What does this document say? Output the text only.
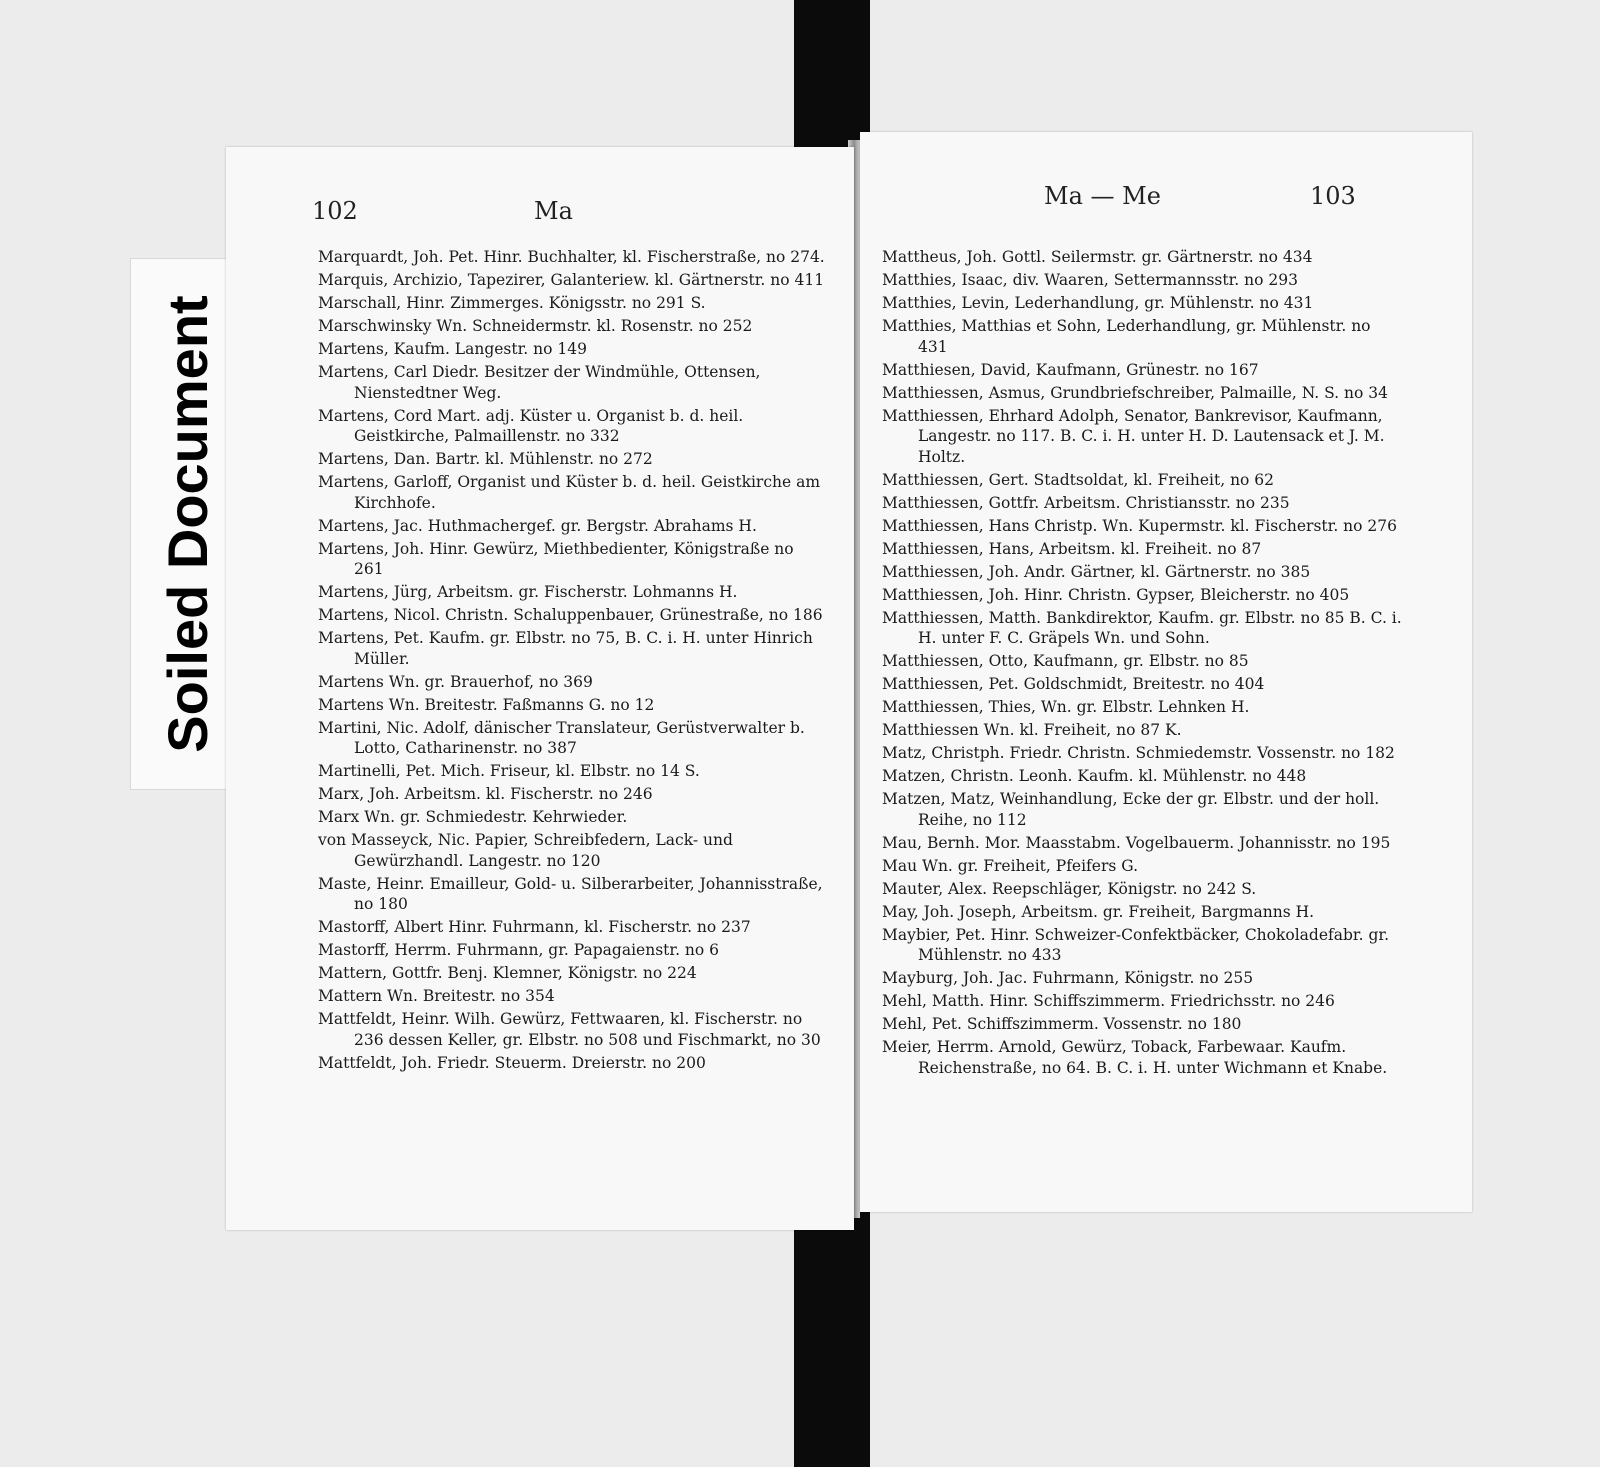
Soiled Document
102	Ma
Marquardt, Joh. Pet. Hinr. Buchhalter, kl. Fischerstraße, no 274.
Marquis, Archizio, Tapezirer, Galanteriew. kl. Gärtnerstr. no 411
Marschall, Hinr. Zimmerges. Königsstr. no 291 S.
Marschwinsky Wn. Schneidermstr. kl. Rosenstr. no 252
Martens, Kaufm. Langestr. no 149
Martens, Carl Diedr. Besitzer der Windmühle, Ottensen, Nienstedtner Weg.
Martens, Cord Mart. adj. Küster u. Organist b. d. heil. Geistkirche, Palmaillenstr. no 332
Martens, Dan. Bartr. kl. Mühlenstr. no 272
Martens, Garloff, Organist und Küster b. d. heil. Geistkirche am Kirchhofe.
Martens, Jac. Huthmachergef. gr. Bergstr. Abrahams H.
Martens, Joh. Hinr. Gewürz, Miethbedienter, Königstraße no 261
Martens, Jürg, Arbeitsm. gr. Fischerstr. Lohmanns H.
Martens, Nicol. Christn. Schaluppenbauer, Grünestraße, no 186
Martens, Pet. Kaufm. gr. Elbstr. no 75, B. C. i. H. unter Hinrich Müller.
Martens Wn. gr. Brauerhof, no 369
Martens Wn. Breitestr. Faßmanns G. no 12
Martini, Nic. Adolf, dänischer Translateur, Gerüstverwalter b. Lotto, Catharinenstr. no 387
Martinelli, Pet. Mich. Friseur, kl. Elbstr. no 14 S.
Marx, Joh. Arbeitsm. kl. Fischerstr. no 246
Marx Wn. gr. Schmiedestr. Kehrwieder.
von Masseyck, Nic. Papier, Schreibfedern, Lack- und Gewürzhandl. Langestr. no 120
Maste, Heinr. Emailleur, Gold- u. Silberarbeiter, Johannisstraße, no 180
Mastorff, Albert Hinr. Fuhrmann, kl. Fischerstr. no 237
Mastorff, Herrm. Fuhrmann, gr. Papagaienstr. no 6
Mattern, Gottfr. Benj. Klemner, Königstr. no 224
Mattern Wn. Breitestr. no 354
Mattfeldt, Heinr. Wilh. Gewürz, Fettwaaren, kl. Fischerstr. no 236 dessen Keller, gr. Elbstr. no 508 und Fischmarkt, no 30
Mattfeldt, Joh. Friedr. Steuerm. Dreierstr. no 200
Ma — Me	103
Mattheus, Joh. Gottl. Seilermstr. gr. Gärtnerstr. no 434
Matthies, Isaac, div. Waaren, Settermannsstr. no 293
Matthies, Levin, Lederhandlung, gr. Mühlenstr. no 431
Matthies, Matthias et Sohn, Lederhandlung, gr. Mühlenstr. no 431
Matthiesen, David, Kaufmann, Grünestr. no 167
Matthiessen, Asmus, Grundbriefschreiber, Palmaille, N. S. no 34
Matthiessen, Ehrhard Adolph, Senator, Bankrevisor, Kaufmann, Langestr. no 117. B. C. i. H. unter H. D. Lautensack et J. M. Holtz.
Matthiessen, Gert. Stadtsoldat, kl. Freiheit, no 62
Matthiessen, Gottfr. Arbeitsm. Christiansstr. no 235
Matthiessen, Hans Christp. Wn. Kupermstr. kl. Fischerstr. no 276
Matthiessen, Hans, Arbeitsm. kl. Freiheit. no 87
Matthiessen, Joh. Andr. Gärtner, kl. Gärtnerstr. no 385
Matthiessen, Joh. Hinr. Christn. Gypser, Bleicherstr. no 405
Matthiessen, Matth. Bankdirektor, Kaufm. gr. Elbstr. no 85 B. C. i. H. unter F. C. Gräpels Wn. und Sohn.
Matthiessen, Otto, Kaufmann, gr. Elbstr. no 85
Matthiessen, Pet. Goldschmidt, Breitestr. no 404
Matthiessen, Thies, Wn. gr. Elbstr. Lehnken H.
Matthiessen Wn. kl. Freiheit, no 87 K.
Matz, Christph. Friedr. Christn. Schmiedemstr. Vossenstr. no 182
Matzen, Christn. Leonh. Kaufm. kl. Mühlenstr. no 448
Matzen, Matz, Weinhandlung, Ecke der gr. Elbstr. und der holl. Reihe, no 112
Mau, Bernh. Mor. Maasstabm. Vogelbauerm. Johannisstr. no 195
Mau Wn. gr. Freiheit, Pfeifers G.
Mauter, Alex. Reepschläger, Königstr. no 242 S.
May, Joh. Joseph, Arbeitsm. gr. Freiheit, Bargmanns H.
Maybier, Pet. Hinr. Schweizer-Confektbäcker, Chokoladefabr. gr. Mühlenstr. no 433
Mayburg, Joh. Jac. Fuhrmann, Königstr. no 255
Mehl, Matth. Hinr. Schiffszimmerm. Friedrichsstr. no 246
Mehl, Pet. Schiffszimmerm. Vossenstr. no 180
Meier, Herrm. Arnold, Gewürz, Toback, Farbewaar. Kaufm. Reichenstraße, no 64. B. C. i. H. unter Wichmann et Knabe.
